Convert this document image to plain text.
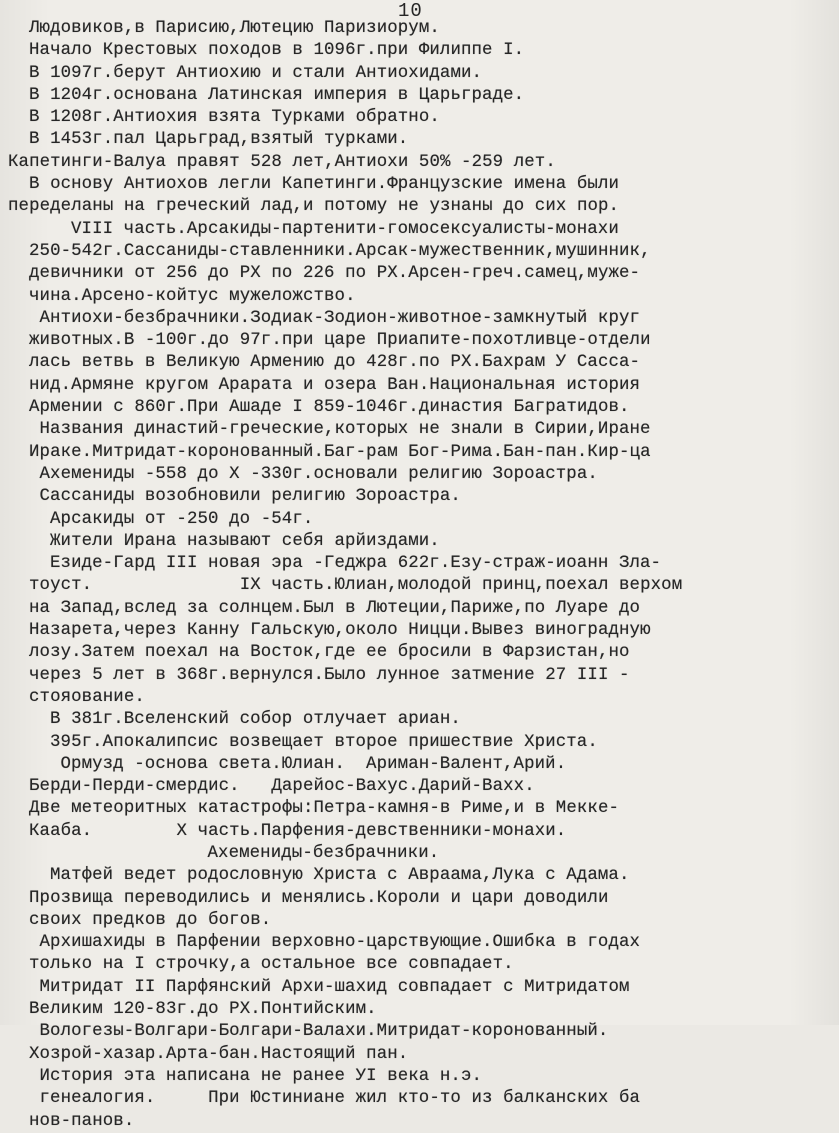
10
Людовиков,в Парисию,Лютецию Паризиорум.
Начало Крестовых походов в 1096г.при Филиппе I.
В 1097г.берут Антиохию и стали Антиохидами.
В 1204г.основана Латинская империя в Царьграде.
В 1208г.Антиохия взята Турками обратно.
В 1453г.пал Царьград,взятый турками.
Капетинги-Валуа правят 528 лет,Антиохи 50% -259 лет.
В основу Антиохов легли Капетинги.Французские имена были
переделаны на греческий лад,и потому не узнаны до сих пор.
VIII часть.Арсакиды-партенити-гомосексуалисты-монахи
250-542г.Сассаниды-ставленники.Арсак-мужественник,мушинник,
девичники от 256 до РХ по 226 по РХ.Арсен-греч.самец,муже-
чина.Арсено-койтус мужеложство.
Антиохи-безбрачники.Зодиак-Зодион-животное-замкнутый круг
животных.В -100г.до 97г.при царе Приапите-похотливце-отдели
лась ветвь в Великую Армению до 428г.по РХ.Бахрам У Сасса-
нид.Армяне кругом Арарата и озера Ван.Национальная история
Армении с 860г.При Ашаде I 859-1046г.династия Багратидов.
Названия династий-греческие,которых не знали в Сирии,Иране
Ираке.Митридат-коронованный.Баг-рам Бог-Рима.Бан-пан.Кир-ца
Ахемениды -558 до Х -330г.основали религию Зороастра.
Сассаниды возобновили религию Зороастра.
Арсакиды от -250 до -54г.
Жители Ирана называют себя арйиздами.
Езиде-Гард III новая эра -Геджра 622г.Езу-страж-иоанн Зла-
тоуст.              IX часть.Юлиан,молодой принц,поехал верхом
на Запад,вслед за солнцем.Был в Лютеции,Париже,по Луаре до
Назарета,через Канну Гальскую,около Ницци.Вывез виноградную
лозу.Затем поехал на Восток,где ее бросили в Фарзистан,но
через 5 лет в 368г.вернулся.Было лунное затмение 27 III -
стояование.
В 381г.Вселенский собор отлучает ариан.
395г.Апокалипсис возвещает второе пришествие Христа.
Ормузд -основа света.Юлиан.  Ариман-Валент,Арий.
Берди-Перди-смердис.   Дарейос-Вахус.Дарий-Вахх.
Две метеоритных катастрофы:Петра-камня-в Риме,и в Мекке-
Кааба.        Х часть.Парфения-девственники-монахи.
Ахемениды-безбрачники.
Матфей ведет родословную Христа с Авраама,Лука с Адама.
Прозвища переводились и менялись.Короли и цари доводили
своих предков до богов.
Архишахиды в Парфении верховно-царствующие.Ошибка в годах
только на I строчку,а остальное все совпадает.
Митридат II Парфянский Архи-шахид совпадает с Митридатом
Великим 120-83г.до РХ.Понтийским.
Вологезы-Волгари-Болгари-Валахи.Митридат-коронованный.
Хозрой-хазар.Арта-бан.Настоящий пан.
История эта написана не ранее УI века н.э.
генеалогия.     При Юстиниане жил кто-то из балканских ба
нов-панов.
